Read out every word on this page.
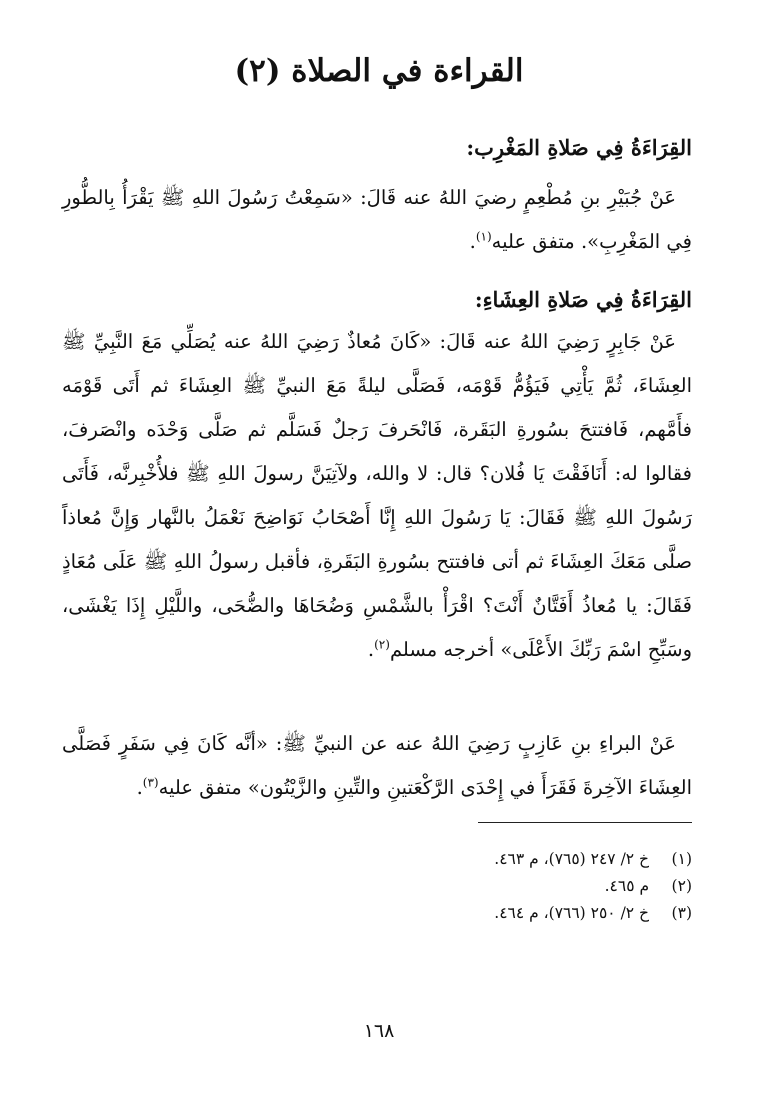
القراءة في الصلاة (٢)
القِرَاءَةُ فِي صَلاةِ المَغْرِب:
عَنْ جُبَيْرِ بنِ مُطْعِمٍ رضيَ اللهُ عنه قَالَ: «سَمِعْتُ رَسُولَ اللهِ ﷺ يَقْرَأُ بِالطُّورِ فِي المَغْرِبِ». متفق عليه$^{(١)}$.
القِرَاءَةُ فِي صَلاةِ العِشَاءِ:
عَنْ جَابِرٍ رَضِيَ اللهُ عنه قَالَ: «كَانَ مُعاذٌ رَضِيَ اللهُ عنه يُصَلِّي مَعَ النَّبِيِّ ﷺ العِشَاءَ، ثُمَّ يَأْتِي فَيَؤُمُّ قَوْمَه، فَصَلَّى ليلةً مَعَ النبيِّ ﷺ العِشَاءَ ثم أَتَى قَوْمَه فأَمَّهم، فَافتتحَ بسُورةِ البَقَرة، فَانْحَرفَ رَجلٌ فَسَلَّم ثم صَلَّى وَحْدَه وانْصَرفَ، فقالوا له: أَنَافَقْتَ يَا فُلان؟ قال: لا والله، ولآتِيَنَّ رسولَ اللهِ ﷺ فلأُخْبِرنَّه، فَأَتَى رَسُولَ اللهِ ﷺ فَقَالَ: يَا رَسُولَ اللهِ إِنَّا أَصْحَابُ نَوَاضِحَ نَعْمَلُ بالنَّهار وَإِنَّ مُعاذاً صلَّى مَعَكَ العِشَاءَ ثم أتى فافتتح بسُورةِ البَقَرةِ، فأقبل رسولُ اللهِ ﷺ عَلَى مُعَاذٍ فَقَالَ: يا مُعاذُ أَفَتَّانٌ أَنْتَ؟ اقْرَأْ بالشَّمْسِ وَضُحَاهَا والضُّحَى، واللَّيْلِ إِذَا يَغْشَى، وسَبِّحِ اسْمَ رَبِّكَ الأَعْلَى» أخرجه مسلم$^{(٢)}$.
عَنْ البراءِ بنِ عَازِبٍ رَضِيَ اللهُ عنه عن النبيِّ ﷺ: «أنَّه كَانَ فِي سَفَرٍ فَصَلَّى العِشَاءَ الآخِرةَ فَقَرَأَ في إِحْدَى الرَّكْعَتينِ والتِّينِ والزَّيْتُون» متفق عليه$^{(٣)}$.
(١) خ ٢/ ٢٤٧ (٧٦٥)، م ٤٦٣.
(٢) م ٤٦٥.
(٣) خ ٢/ ٢٥٠ (٧٦٦)، م ٤٦٤.
١٦٨
